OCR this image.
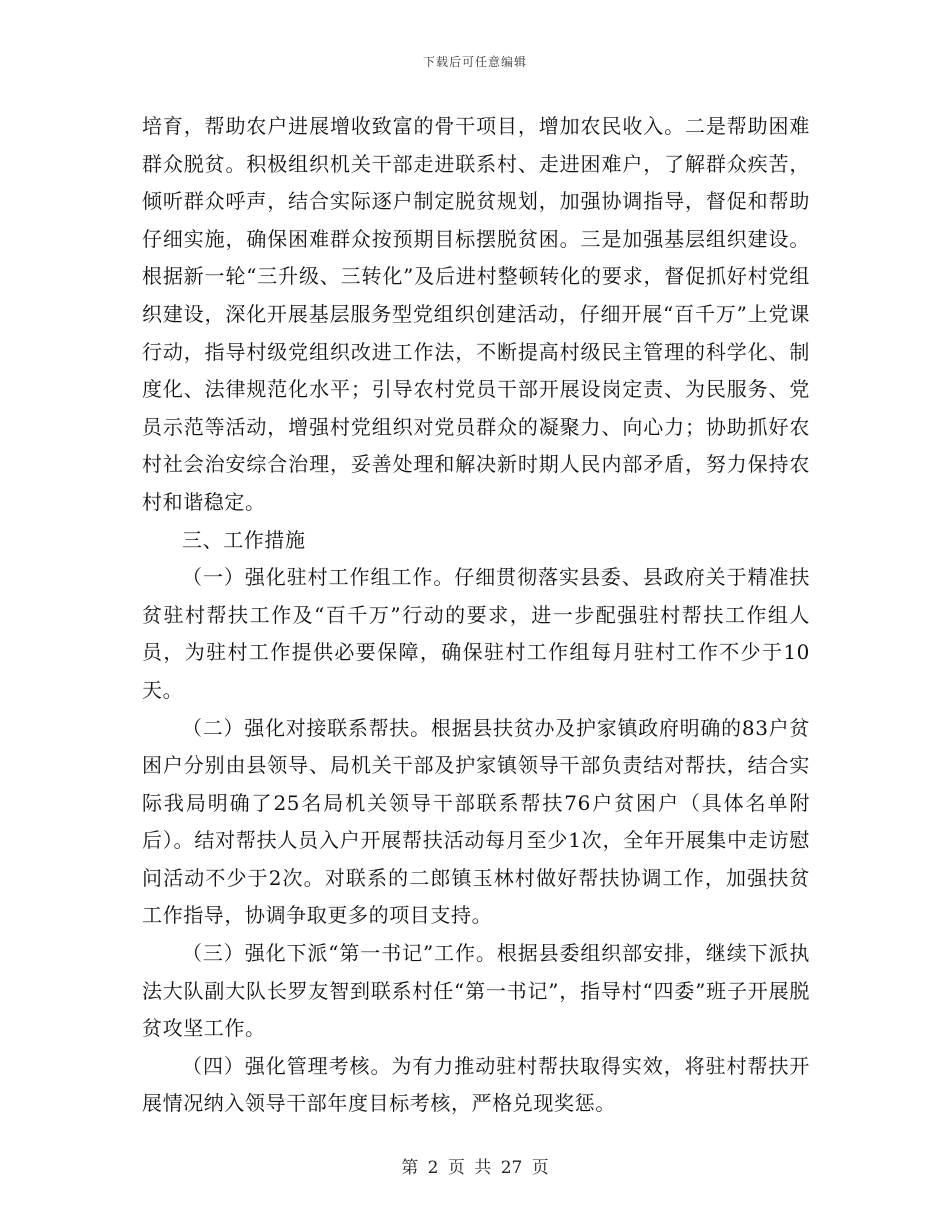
下载后可任意编辑

培育，帮助农户进展增收致富的骨干项目，增加农民收入。二是帮助困难群众脱贫。积极组织机关干部走进联系村、走进困难户，了解群众疾苦，倾听群众呼声，结合实际逐户制定脱贫规划，加强协调指导，督促和帮助仔细实施，确保困难群众按预期目标摆脱贫困。三是加强基层组织建设。根据新一轮“三升级、三转化”及后进村整顿转化的要求，督促抓好村党组织建设，深化开展基层服务型党组织创建活动，仔细开展“百千万”上党课行动，指导村级党组织改进工作法，不断提高村级民主管理的科学化、制度化、法律规范化水平；引导农村党员干部开展设岗定责、为民服务、党员示范等活动，增强村党组织对党员群众的凝聚力、向心力；协助抓好农村社会治安综合治理，妥善处理和解决新时期人民内部矛盾，努力保持农村和谐稳定。

三、工作措施

（一）强化驻村工作组工作。仔细贯彻落实县委、县政府关于精准扶贫驻村帮扶工作及“百千万”行动的要求，进一步配强驻村帮扶工作组人员，为驻村工作提供必要保障，确保驻村工作组每月驻村工作不少于10天。

（二）强化对接联系帮扶。根据县扶贫办及护家镇政府明确的83户贫困户分别由县领导、局机关干部及护家镇领导干部负责结对帮扶，结合实际我局明确了25名局机关领导干部联系帮扶76户贫困户（具体名单附后）。结对帮扶人员入户开展帮扶活动每月至少1次，全年开展集中走访慰问活动不少于2次。对联系的二郎镇玉林村做好帮扶协调工作，加强扶贫工作指导，协调争取更多的项目支持。

（三）强化下派“第一书记”工作。根据县委组织部安排，继续下派执法大队副大队长罗友智到联系村任“第一书记”，指导村“四委”班子开展脱贫攻坚工作。

（四）强化管理考核。为有力推动驻村帮扶取得实效，将驻村帮扶开展情况纳入领导干部年度目标考核，严格兑现奖惩。

第 2 页 共 27 页
